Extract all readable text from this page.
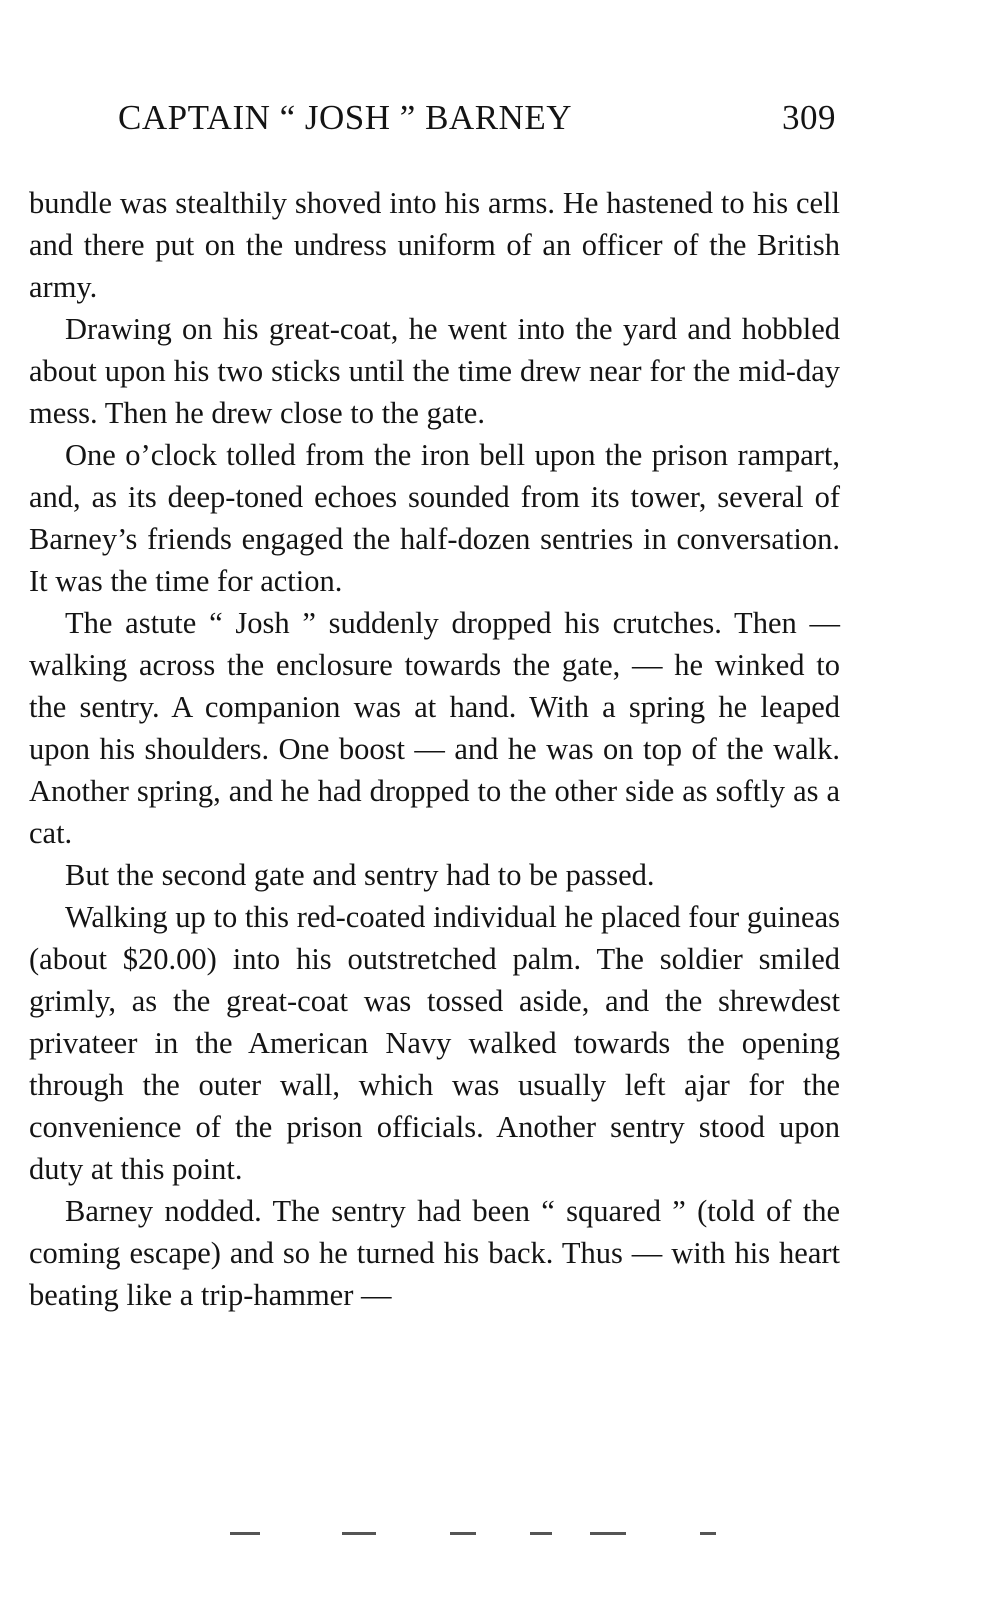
CAPTAIN “ JOSH ” BARNEY	309

bundle was stealthily shoved into his arms. He hastened to his cell and there put on the undress uniform of an officer of the British army.

Drawing on his great-coat, he went into the yard and hobbled about upon his two sticks until the time drew near for the mid-day mess. Then he drew close to the gate.

One o’clock tolled from the iron bell upon the prison rampart, and, as its deep-toned echoes sounded from its tower, several of Barney’s friends engaged the half-dozen sentries in conversation. It was the time for action.

The astute “ Josh ” suddenly dropped his crutches. Then — walking across the enclosure towards the gate, — he winked to the sentry. A companion was at hand. With a spring he leaped upon his shoulders. One boost — and he was on top of the walk. Another spring, and he had dropped to the other side as softly as a cat.

But the second gate and sentry had to be passed.

Walking up to this red-coated individual he placed four guineas (about $20.00) into his outstretched palm. The soldier smiled grimly, as the great-coat was tossed aside, and the shrewdest privateer in the American Navy walked towards the opening through the outer wall, which was usually left ajar for the convenience of the prison officials. Another sentry stood upon duty at this point.

Barney nodded. The sentry had been “ squared ” (told of the coming escape) and so he turned his back. Thus — with his heart beating like a trip-hammer —
